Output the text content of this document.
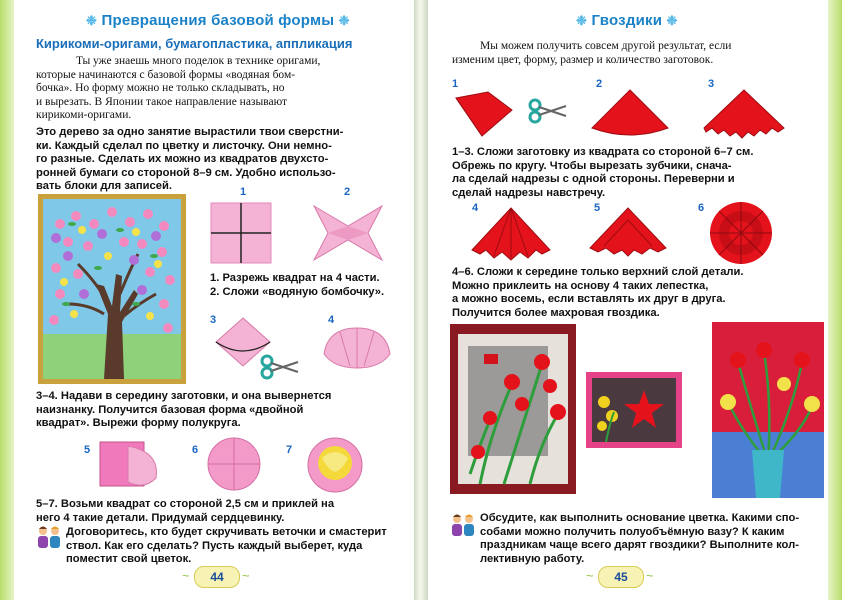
❉ Превращения базовой формы ❉
Кирикоми-оригами, бумагопластика, аппликация
Ты уже знаешь много поделок в технике оригами,
которые начинаются с базовой формы «водяная бом-
бочка». Но форму можно не только складывать, но
и вырезать. В Японии такое направление называют
кирикоми-оригами.
Это дерево за одно занятие вырастили твои сверстни-
ки. Каждый сделал по цветку и листочку. Они немно-
го разные. Сделать их можно из квадратов двухсто-
ронней бумаги со стороной 8–9 см. Удобно использо-
вать блоки для записей.	1	2
1. Разрежь квадрат на 4 части.
2. Сложи «водяную бомбочку».
3	4
3–4. Надави в середину заготовки, и она вывернется
наизнанку. Получится базовая форма «двойной
квадрат». Вырежи форму полукруга.
5	6	7
5–7. Возьми квадрат со стороной 2,5 см и приклей на
него 4 такие детали. Придумай сердцевинку.
Договоритесь, кто будет скручивать веточки и смастерит
ствол. Как его сделать? Пусть каждый выберет, куда
поместит свой цветок.
~	44	~
❉ Гвоздики ❉
Мы можем получить совсем другой результат, если
изменим цвет, форму, размер и количество заготовок.
1	2	3
1–3. Сложи заготовку из квадрата со стороной 6–7 см.
Обрежь по кругу. Чтобы вырезать зубчики, снача-
ла сделай надрезы с одной стороны. Переверни и
сделай надрезы навстречу.
4	5	6
4–6. Сложи к середине только верхний слой детали.
Можно приклеить на основу 4 таких лепестка,
а можно восемь, если вставлять их друг в друга.
Получится более махровая гвоздика.
Обсудите, как выполнить основание цветка. Какими спо-
собами можно получить полуобъёмную вазу? К каким
праздникам чаще всего дарят гвоздики? Выполните кол-
лективную работу.
~	45	~
